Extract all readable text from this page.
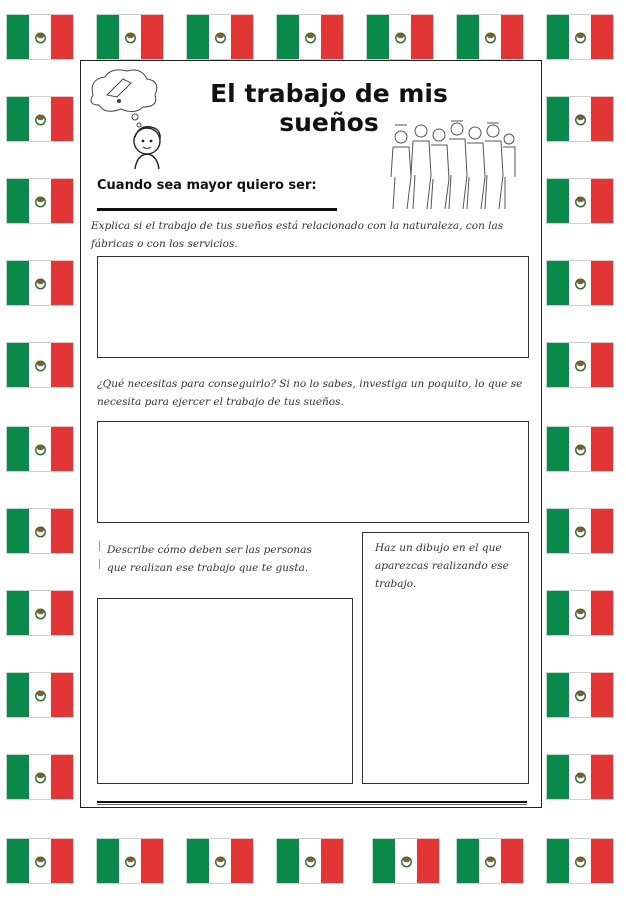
El trabajo de mis sueños
Cuando sea mayor quiero ser:
Explica si el trabajo de tus sueños está relacionado con la naturaleza, con las fábricas o con los servicios.
¿Qué necesitas para conseguirlo? Si no lo sabes, investiga un poquito, lo que se necesita para ejercer el trabajo de tus sueños.
Describe cómo deben ser las personas que realizan ese trabajo que te gusta.
Haz un dibujo en el que aparezcas realizando ese trabajo.
